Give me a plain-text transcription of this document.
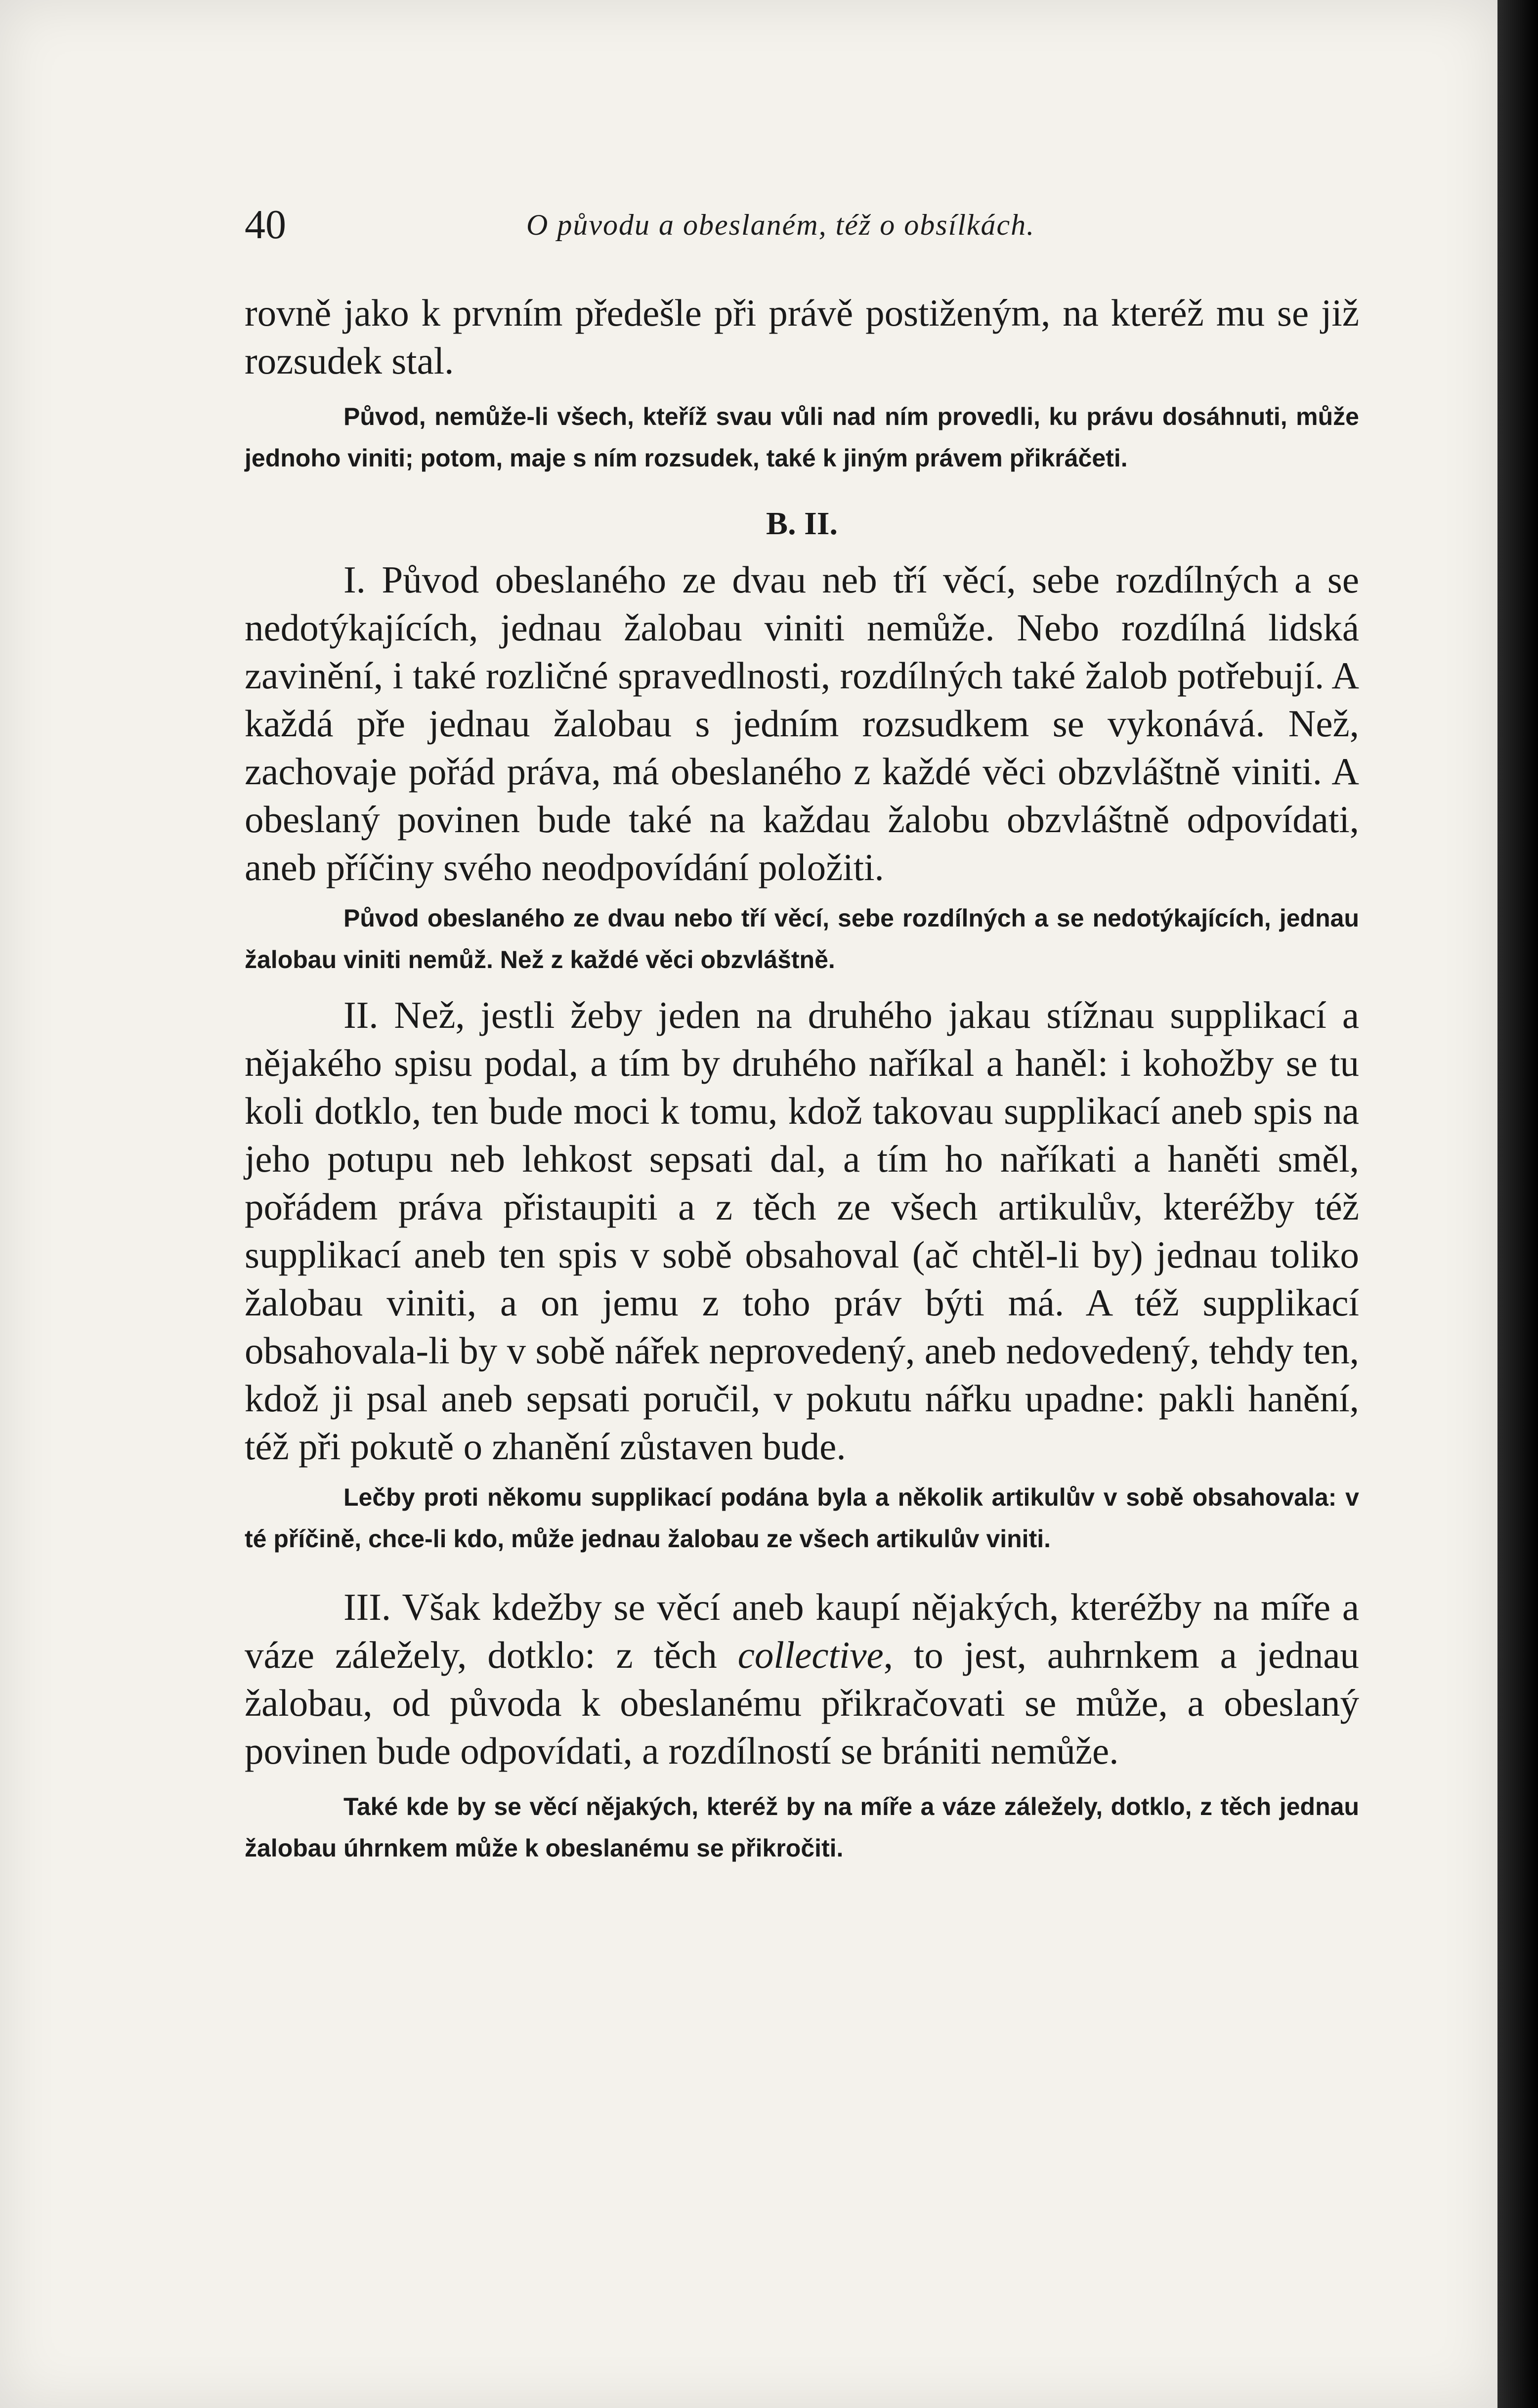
40	O původu a obeslaném, též o obsílkách.

rovně jako k prvním předešle při právě postiženým, na kteréž mu se již rozsudek stal.

Původ, nemůže-li všech, kteříž svau vůli nad ním provedli, ku právu dosáhnuti, může jednoho viniti; potom, maje s ním rozsudek, také k jiným právem přikráčeti.

B. II.

I. Původ obeslaného ze dvau neb tří věcí, sebe rozdílných a se nedotýkajících, jednau žalobau viniti nemůže. Nebo rozdílná lidská zavinění, i také rozličné spravedlnosti, rozdílných také žalob potřebují. A každá pře jednau žalobau s jedním rozsudkem se vykonává. Než, zachovaje pořád práva, má obeslaného z každé věci obzvláštně viniti. A obeslaný povinen bude také na každau žalobu obzvláštně odpovídati, aneb příčiny svého neodpovídání položiti.

Původ obeslaného ze dvau nebo tří věcí, sebe rozdílných a se nedotýkajících, jednau žalobau viniti nemůž. Než z každé věci obzvláštně.

II. Než, jestli žeby jeden na druhého jakau stížnau supplikací a nějakého spisu podal, a tím by druhého naříkal a haněl: i kohožby se tu koli dotklo, ten bude moci k tomu, kdož takovau supplikací aneb spis na jeho potupu neb lehkost sepsati dal, a tím ho naříkati a haněti směl, pořádem práva přistaupiti a z těch ze všech artikulův, kteréžby též supplikací aneb ten spis v sobě obsahoval (ač chtěl-li by) jednau toliko žalobau viniti, a on jemu z toho práv býti má. A též supplikací obsahovala-li by v sobě nářek neprovedený, aneb nedovedený, tehdy ten, kdož ji psal aneb sepsati poručil, v pokutu nářku upadne: pakli hanění, též při pokutě o zhanění zůstaven bude.

Lečby proti někomu supplikací podána byla a několik artikulův v sobě obsahovala: v té příčině, chce-li kdo, může jednau žalobau ze všech artikulův viniti.

III. Však kdežby se věcí aneb kaupí nějakých, kteréžby na míře a váze záležely, dotklo: z těch collective, to jest, auhrnkem a jednau žalobau, od původa k obeslanému přikračovati se může, a obeslaný povinen bude odpovídati, a rozdílností se brániti nemůže.

Také kde by se věcí nějakých, kteréž by na míře a váze záležely, dotklo, z těch jednau žalobau úhrnkem může k obeslanému se přikročiti.
